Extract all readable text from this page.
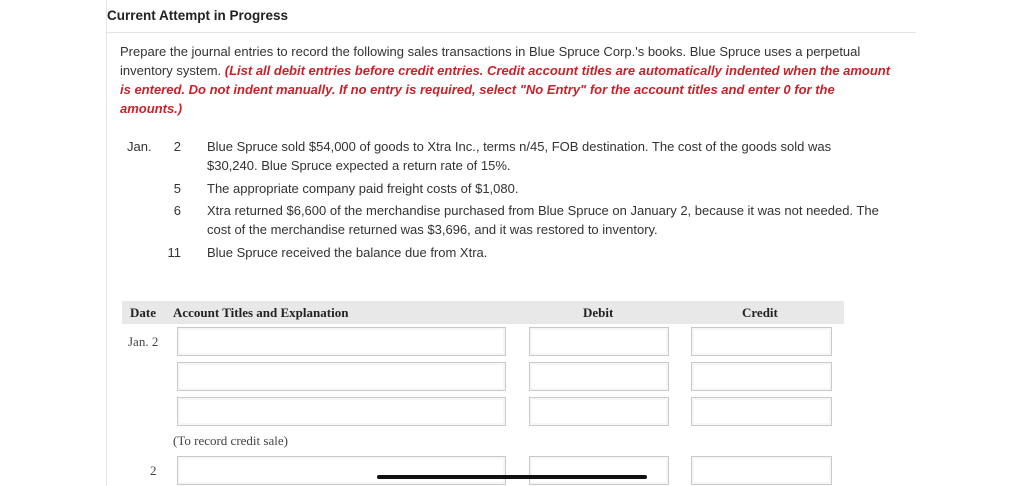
Current Attempt in Progress
Prepare the journal entries to record the following sales transactions in Blue Spruce Corp.'s books. Blue Spruce uses a perpetual inventory system. (List all debit entries before credit entries. Credit account titles are automatically indented when the amount is entered. Do not indent manually. If no entry is required, select "No Entry" for the account titles and enter 0 for the amounts.)
Jan.	2 Blue Spruce sold $54,000 of goods to Xtra Inc., terms n/45, FOB destination. The cost of the goods sold was $30,240. Blue Spruce expected a return rate of 15%.
5 The appropriate company paid freight costs of $1,080.
6 Xtra returned $6,600 of the merchandise purchased from Blue Spruce on January 2, because it was not needed. The cost of the merchandise returned was $3,696, and it was restored to inventory.
11 Blue Spruce received the balance due from Xtra.
Date Account Titles and Explanation	Debit	Credit
Jan. 2
(To record credit sale)
2
